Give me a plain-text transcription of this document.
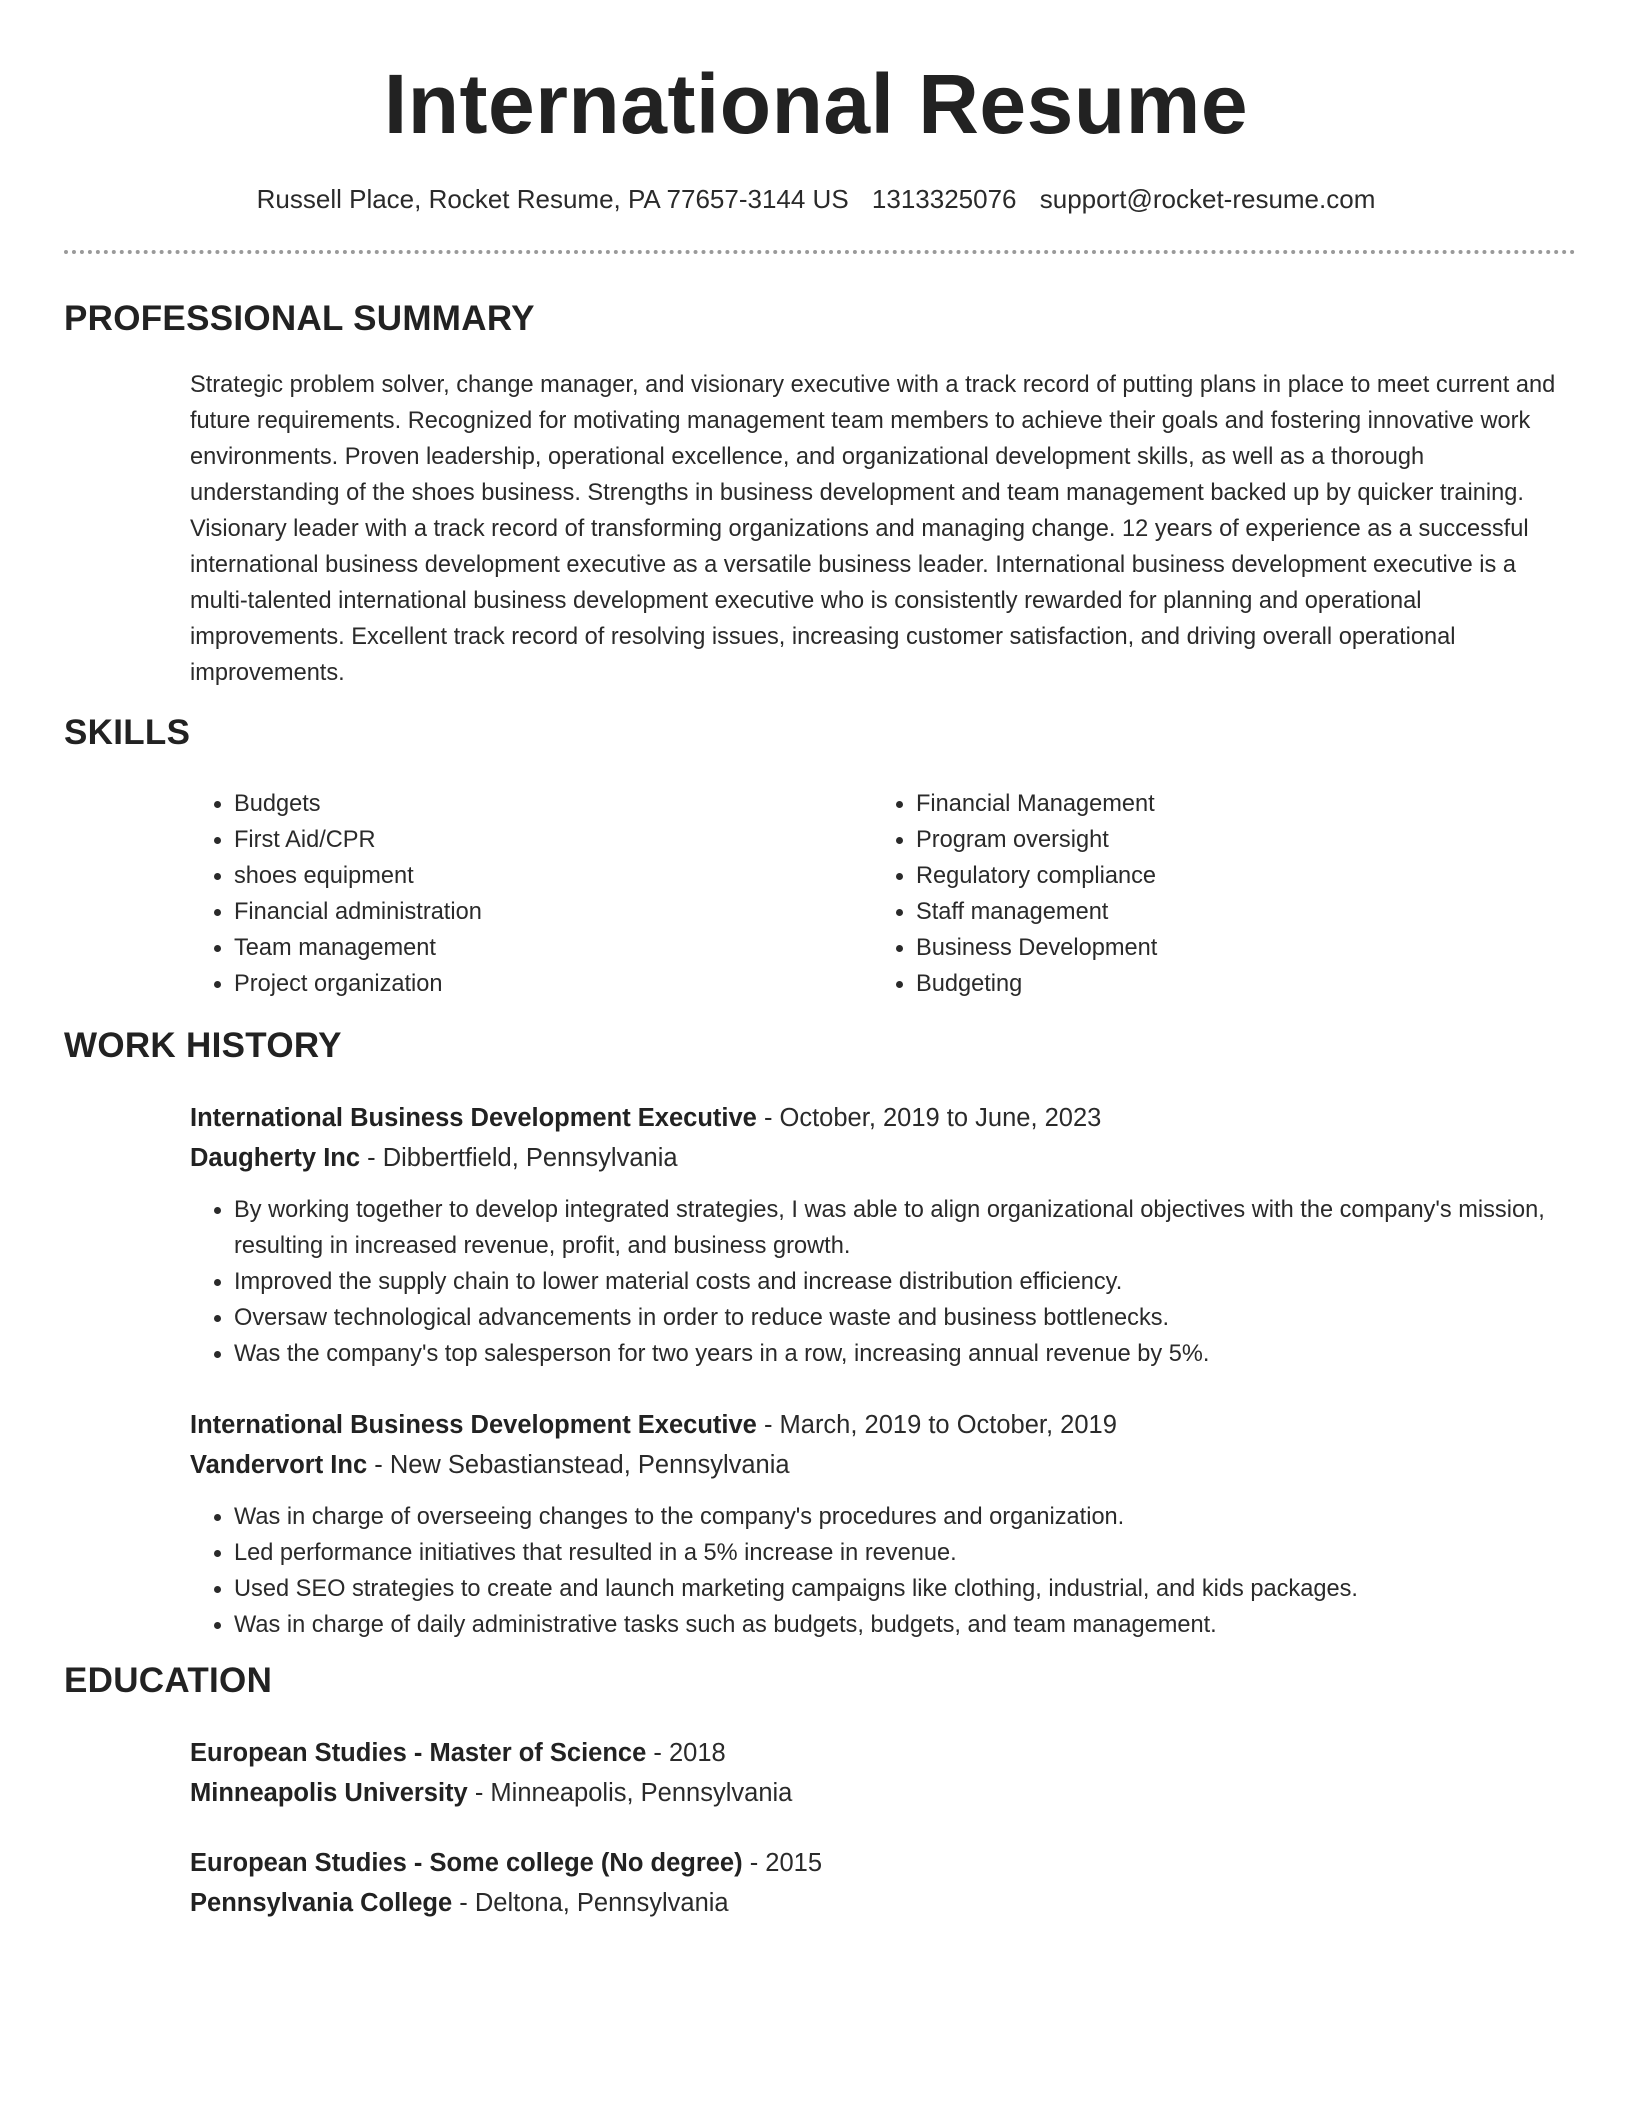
International Resume
Russell Place, Rocket Resume, PA 77657-3144 US 1313325076 support@rocket-resume.com
PROFESSIONAL SUMMARY
Strategic problem solver, change manager, and visionary executive with a track record of putting plans in place to meet current and future requirements. Recognized for motivating management team members to achieve their goals and fostering innovative work environments. Proven leadership, operational excellence, and organizational development skills, as well as a thorough understanding of the shoes business. Strengths in business development and team management backed up by quicker training. Visionary leader with a track record of transforming organizations and managing change. 12 years of experience as a successful international business development executive as a versatile business leader. International business development executive is a multi-talented international business development executive who is consistently rewarded for planning and operational improvements. Excellent track record of resolving issues, increasing customer satisfaction, and driving overall operational improvements.
SKILLS
• Budgets
• First Aid/CPR
• shoes equipment
• Financial administration
• Team management
• Project organization
• Financial Management
• Program oversight
• Regulatory compliance
• Staff management
• Business Development
• Budgeting
WORK HISTORY
International Business Development Executive - October, 2019 to June, 2023
Daugherty Inc - Dibbertfield, Pennsylvania
• By working together to develop integrated strategies, I was able to align organizational objectives with the company's mission, resulting in increased revenue, profit, and business growth.
• Improved the supply chain to lower material costs and increase distribution efficiency.
• Oversaw technological advancements in order to reduce waste and business bottlenecks.
• Was the company's top salesperson for two years in a row, increasing annual revenue by 5%.
International Business Development Executive - March, 2019 to October, 2019
Vandervort Inc - New Sebastianstead, Pennsylvania
• Was in charge of overseeing changes to the company's procedures and organization.
• Led performance initiatives that resulted in a 5% increase in revenue.
• Used SEO strategies to create and launch marketing campaigns like clothing, industrial, and kids packages.
• Was in charge of daily administrative tasks such as budgets, budgets, and team management.
EDUCATION
European Studies - Master of Science - 2018
Minneapolis University - Minneapolis, Pennsylvania
European Studies - Some college (No degree) - 2015
Pennsylvania College - Deltona, Pennsylvania
